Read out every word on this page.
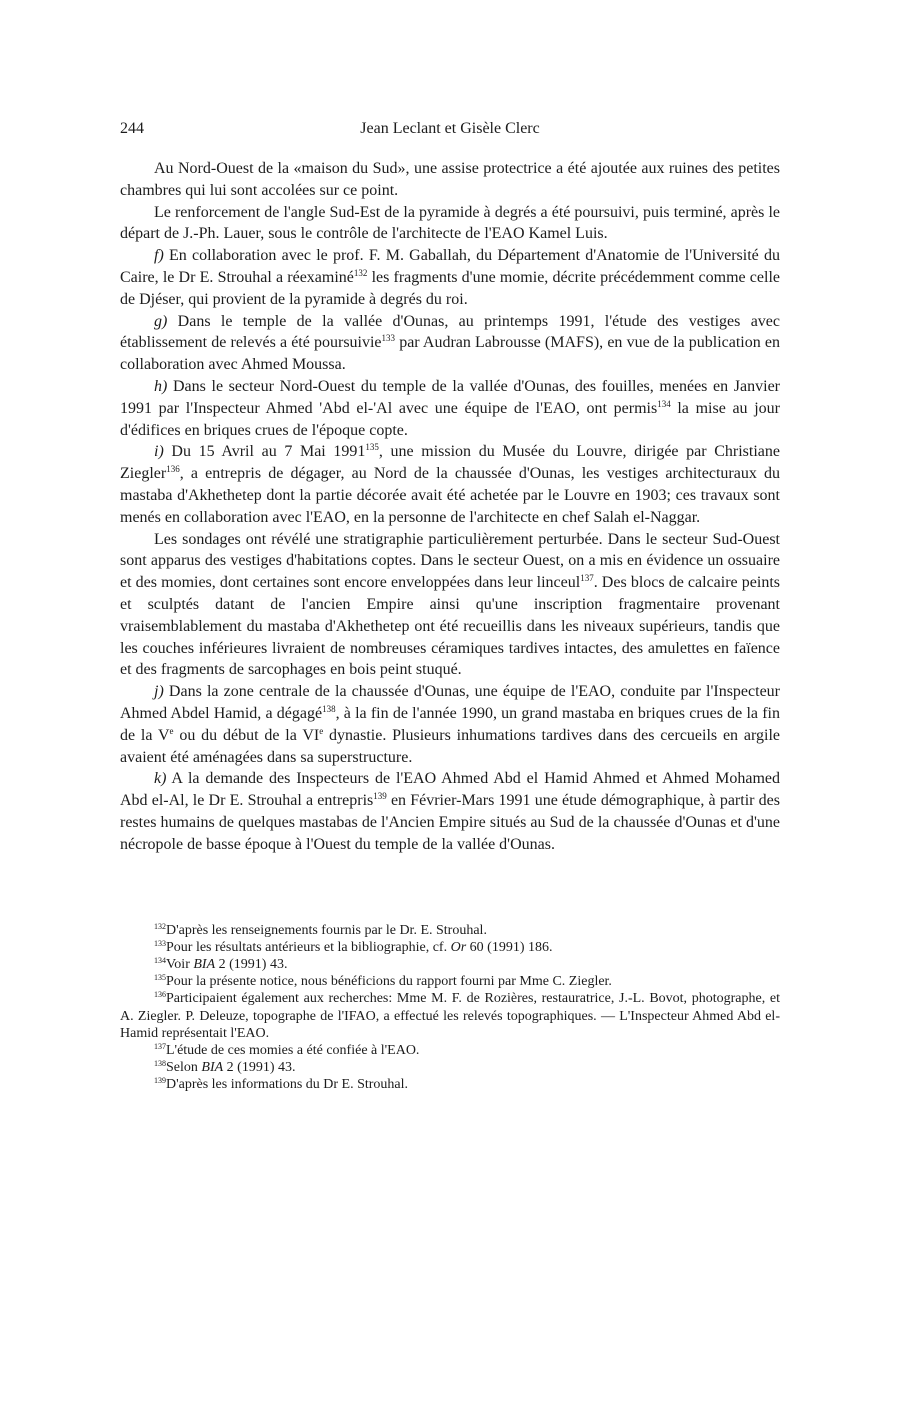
244	Jean Leclant et Gisèle Clerc

Au Nord-Ouest de la «maison du Sud», une assise protectrice a été ajoutée aux ruines des petites chambres qui lui sont accolées sur ce point.

Le renforcement de l'angle Sud-Est de la pyramide à degrés a été poursuivi, puis terminé, après le départ de J.-Ph. Lauer, sous le contrôle de l'architecte de l'EAO Kamel Luis.

f) En collaboration avec le prof. F. M. Gaballah, du Département d'Anatomie de l'Université du Caire, le Dr E. Strouhal a réexaminé$^{132}$ les fragments d'une momie, décrite précédemment comme celle de Djéser, qui provient de la pyramide à degrés du roi.

g) Dans le temple de la vallée d'Ounas, au printemps 1991, l'étude des vestiges avec établissement de relevés a été poursuivie$^{133}$ par Audran Labrousse (MAFS), en vue de la publication en collaboration avec Ahmed Moussa.

h) Dans le secteur Nord-Ouest du temple de la vallée d'Ounas, des fouilles, menées en Janvier 1991 par l'Inspecteur Ahmed 'Abd el-'Al avec une équipe de l'EAO, ont permis$^{134}$ la mise au jour d'édifices en briques crues de l'époque copte.

i) Du 15 Avril au 7 Mai 1991$^{135}$, une mission du Musée du Louvre, dirigée par Christiane Ziegler$^{136}$, a entrepris de dégager, au Nord de la chaussée d'Ounas, les vestiges architecturaux du mastaba d'Akhethetep dont la partie décorée avait été achetée par le Louvre en 1903; ces travaux sont menés en collaboration avec l'EAO, en la personne de l'architecte en chef Salah el-Naggar.

Les sondages ont révélé une stratigraphie particulièrement perturbée. Dans le secteur Sud-Ouest sont apparus des vestiges d'habitations coptes. Dans le secteur Ouest, on a mis en évidence un ossuaire et des momies, dont certaines sont encore enveloppées dans leur linceul$^{137}$. Des blocs de calcaire peints et sculptés datant de l'ancien Empire ainsi qu'une inscription fragmentaire provenant vraisemblablement du mastaba d'Akhethetep ont été recueillis dans les niveaux supérieurs, tandis que les couches inférieures livraient de nombreuses céramiques tardives intactes, des amulettes en faïence et des fragments de sarcophages en bois peint stuqué.

j) Dans la zone centrale de la chaussée d'Ounas, une équipe de l'EAO, conduite par l'Inspecteur Ahmed Abdel Hamid, a dégagé$^{138}$, à la fin de l'année 1990, un grand mastaba en briques crues de la fin de la Ve ou du début de la VIe dynastie. Plusieurs inhumations tardives dans des cercueils en argile avaient été aménagées dans sa superstructure.

k) A la demande des Inspecteurs de l'EAO Ahmed Abd el Hamid Ahmed et Ahmed Mohamed Abd el-Al, le Dr E. Strouhal a entrepris$^{139}$ en Février-Mars 1991 une étude démographique, à partir des restes humains de quelques mastabas de l'Ancien Empire situés au Sud de la chaussée d'Ounas et d'une nécropole de basse époque à l'Ouest du temple de la vallée d'Ounas.

$^{132}$D'après les renseignements fournis par le Dr. E. Strouhal.

$^{133}$Pour les résultats antérieurs et la bibliographie, cf. Or 60 (1991) 186.

$^{134}$Voir BIA 2 (1991) 43.

$^{135}$Pour la présente notice, nous bénéficions du rapport fourni par Mme C. Ziegler.

$^{136}$Participaient également aux recherches: Mme M. F. de Rozières, restauratrice, J.-L. Bovot, photographe, et A. Ziegler. P. Deleuze, topographe de l'IFAO, a effectué les relevés topographiques. — L'Inspecteur Ahmed Abd el-Hamid représentait l'EAO.

$^{137}$L'étude de ces momies a été confiée à l'EAO.

$^{138}$Selon BIA 2 (1991) 43.

$^{139}$D'après les informations du Dr E. Strouhal.
